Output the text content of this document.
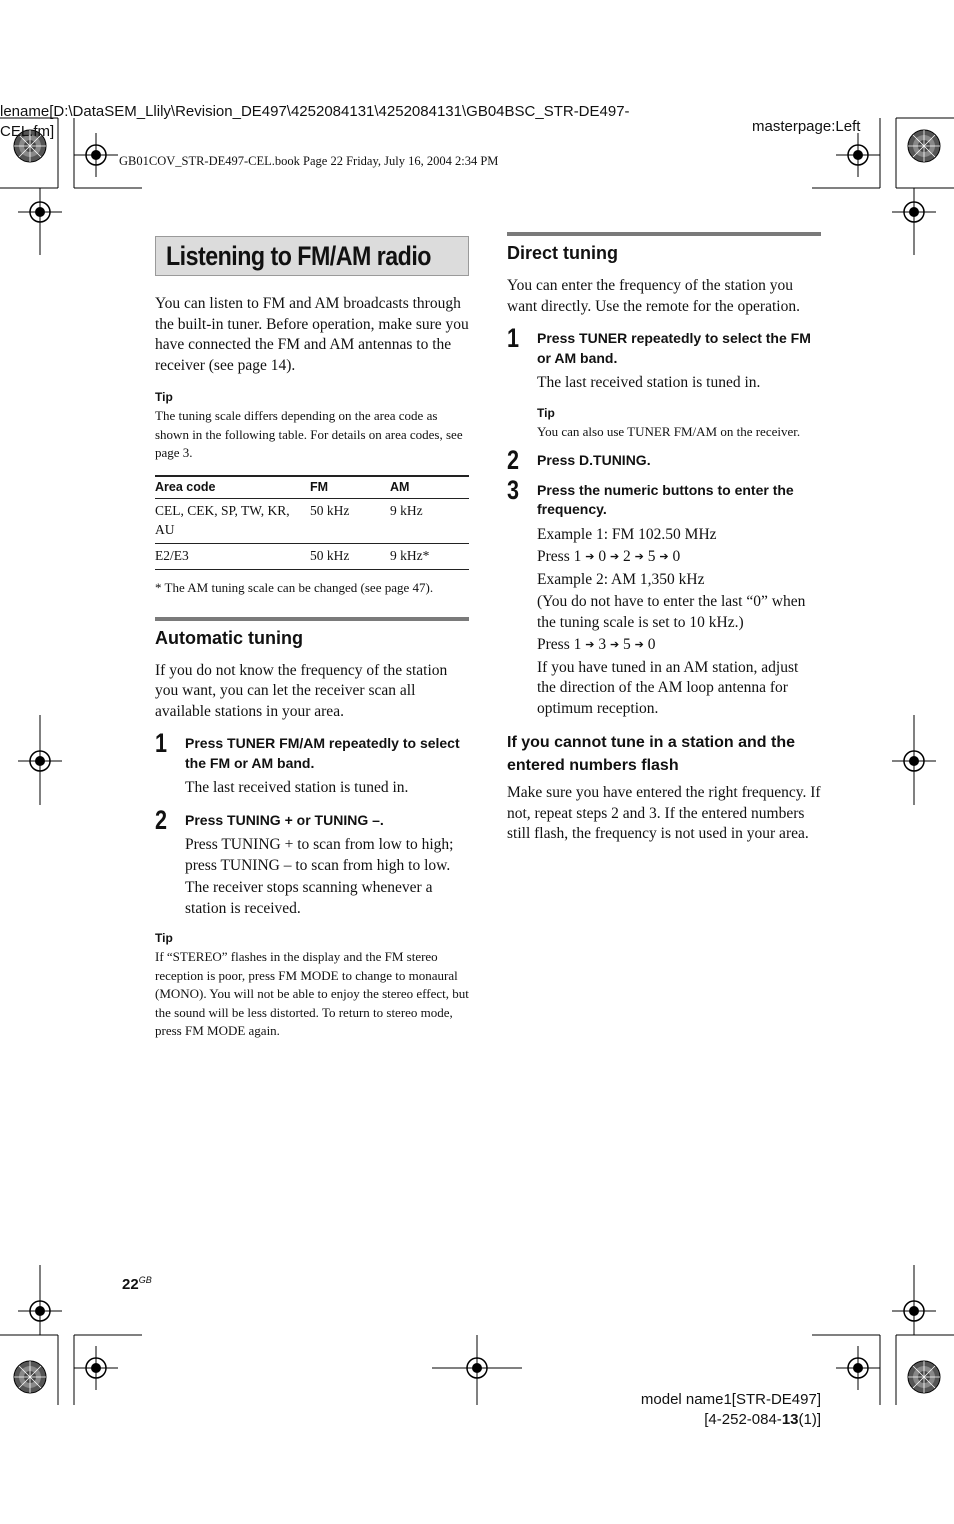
lename[D:\DataSEM_Llily\Revision_DE497\4252084131\4252084131\GB04BSC_STR-DE497-
CEL.fm]	masterpage:Left
GB01COV_STR-DE497-CEL.book Page 22 Friday, July 16, 2004 2:34 PM
Listening to FM/AM radio

You can listen to FM and AM broadcasts through the built-in tuner. Before operation, make sure you have connected the FM and AM antennas to the receiver (see page 14).

Tip

The tuning scale differs depending on the area code as shown in the following table. For details on area codes, see page 3.

Area code	FM	AM
CEL, CEK, SP, TW, KR, AU	50 kHz	9 kHz
E2/E3	50 kHz	9 kHz*

* The AM tuning scale can be changed (see page 47).

Automatic tuning

If you do not know the frequency of the station you want, you can let the receiver scan all available stations in your area.

1 Press TUNER FM/AM repeatedly to select the FM or AM band.

The last received station is tuned in.

2 Press TUNING + or TUNING –.

Press TUNING + to scan from low to high; press TUNING – to scan from high to low.

The receiver stops scanning whenever a station is received.

Tip

If “STEREO” flashes in the display and the FM stereo reception is poor, press FM MODE to change to monaural (MONO). You will not be able to enjoy the stereo effect, but the sound will be less distorted. To return to stereo mode, press FM MODE again.

Direct tuning

You can enter the frequency of the station you want directly. Use the remote for the operation.

1 Press TUNER repeatedly to select the FM or AM band.

The last received station is tuned in.

Tip

You can also use TUNER FM/AM on the receiver.

2 Press D.TUNING.

3 Press the numeric buttons to enter the frequency.

Example 1: FM 102.50 MHz

Press 1 ➔ 0 ➔ 2 ➔ 5 ➔ 0

Example 2: AM 1,350 kHz

(You do not have to enter the last “0” when the tuning scale is set to 10 kHz.)

Press 1 ➔ 3 ➔ 5 ➔ 0

If you have tuned in an AM station, adjust the direction of the AM loop antenna for optimum reception.

If you cannot tune in a station and the entered numbers flash

Make sure you have entered the right frequency. If not, repeat steps 2 and 3. If the entered numbers still flash, the frequency is not used in your area.

$22^{GB}$
model name1[STR-DE497]
[4-252-084-13(1)]
